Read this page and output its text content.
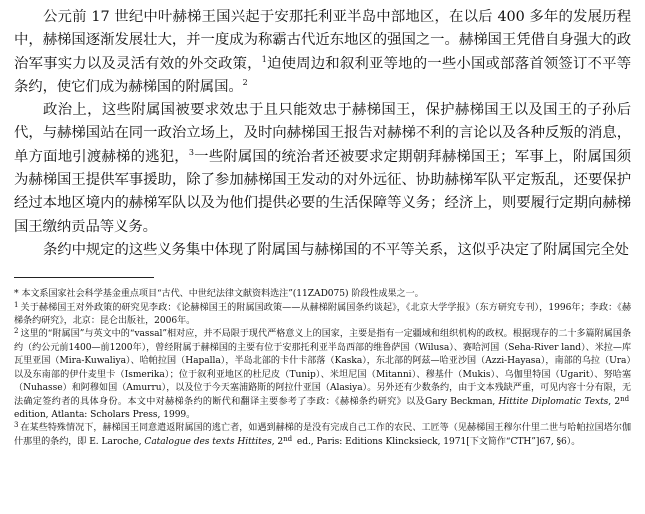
公元前 17 世纪中叶赫梯王国兴起于安那托利亚半岛中部地区，在以后 400 多年的发展历程中，赫梯国逐渐发展壮大，并一度成为称霸古代近东地区的强国之一。赫梯国王凭借自身强大的政治军事实力以及灵活有效的外交政策，$^1$迫使周边和叙利亚等地的一些小国或部落首领签订不平等条约，使它们成为赫梯国的附属国。$^2$

政治上，这些附属国被要求效忠于且只能效忠于赫梯国王，保护赫梯国王以及国王的子孙后代，与赫梯国站在同一政治立场上，及时向赫梯国王报告对赫梯不利的言论以及各种反叛的消息，单方面地引渡赫梯的逃犯，$^3$一些附属国的统治者还被要求定期朝拜赫梯国王；军事上，附属国须为赫梯国王提供军事援助，除了参加赫梯国王发动的对外远征、协助赫梯军队平定叛乱，还要保护经过本地区境内的赫梯军队以及为他们提供必要的生活保障等义务；经济上，则要履行定期向赫梯国王缴纳贡品等义务。

条约中规定的这些义务集中体现了附属国与赫梯国的不平等关系，这似乎决定了附属国完全处

* 本文系国家社会科学基金重点项目“古代、中世纪法律文献资料选注”(11ZAD075) 阶段性成果之一。

$^1$ 关于赫梯国王对外政策的研究见李政：《论赫梯国王的附属国政策——从赫梯附属国条约谈起》，《北京大学学报》（东方研究专刊），1996年；李政：《赫梯条约研究》，北京：昆仑出版社，2006年。

$^2$ 这里的“附属国”与英文中的“vassal”相对应，并不局限于现代严格意义上的国家，主要是指有一定疆域和组织机构的政权。根据现存的二十多篇附属国条约（约公元前1400—前1200年），曾经附属于赫梯国的主要有位于安那托利亚半岛西部的维鲁萨国（Wilusa）、赛哈河国（Seha-River land）、米拉—库瓦里亚国（Mira-Kuwaliya）、哈帕拉国（Hapalla），半岛北部的卡什卡部落（Kaska），东北部的阿兹—哈亚沙国（Azzi-Hayasa），南部的乌拉（Ura）以及东南部的伊什麦里卡（Ismerika）；位于叙利亚地区的杜尼皮（Tunip）、米坦尼国（Mitanni）、穆基什（Mukis）、乌伽里特国（Ugarit）、努哈塞（Nuhasse）和阿穆如国（Amurru），以及位于今天塞浦路斯的阿拉什亚国（Alasiya）。另外还有少数条约，由于文本残缺严重，可见内容十分有限，无法确定签约者的具体身份。本文中对赫梯条约的断代和翻译主要参考了李政：《赫梯条约研究》以及Gary Beckman, Hittite Diplomatic Texts, 2nd edition, Atlanta: Scholars Press, 1999。

$^3$ 在某些特殊情况下，赫梯国王同意遣返附属国的逃亡者，如遇到赫梯的是没有完成自己工作的农民、工匠等（见赫梯国王穆尔什里二世与哈帕拉国塔尔伽什那里的条约，即 E. Laroche, Catalogue des texts Hittites, 2nd ed., Paris: Editions Klincksieck, 1971[下文简作“CTH”]67, §6）。
